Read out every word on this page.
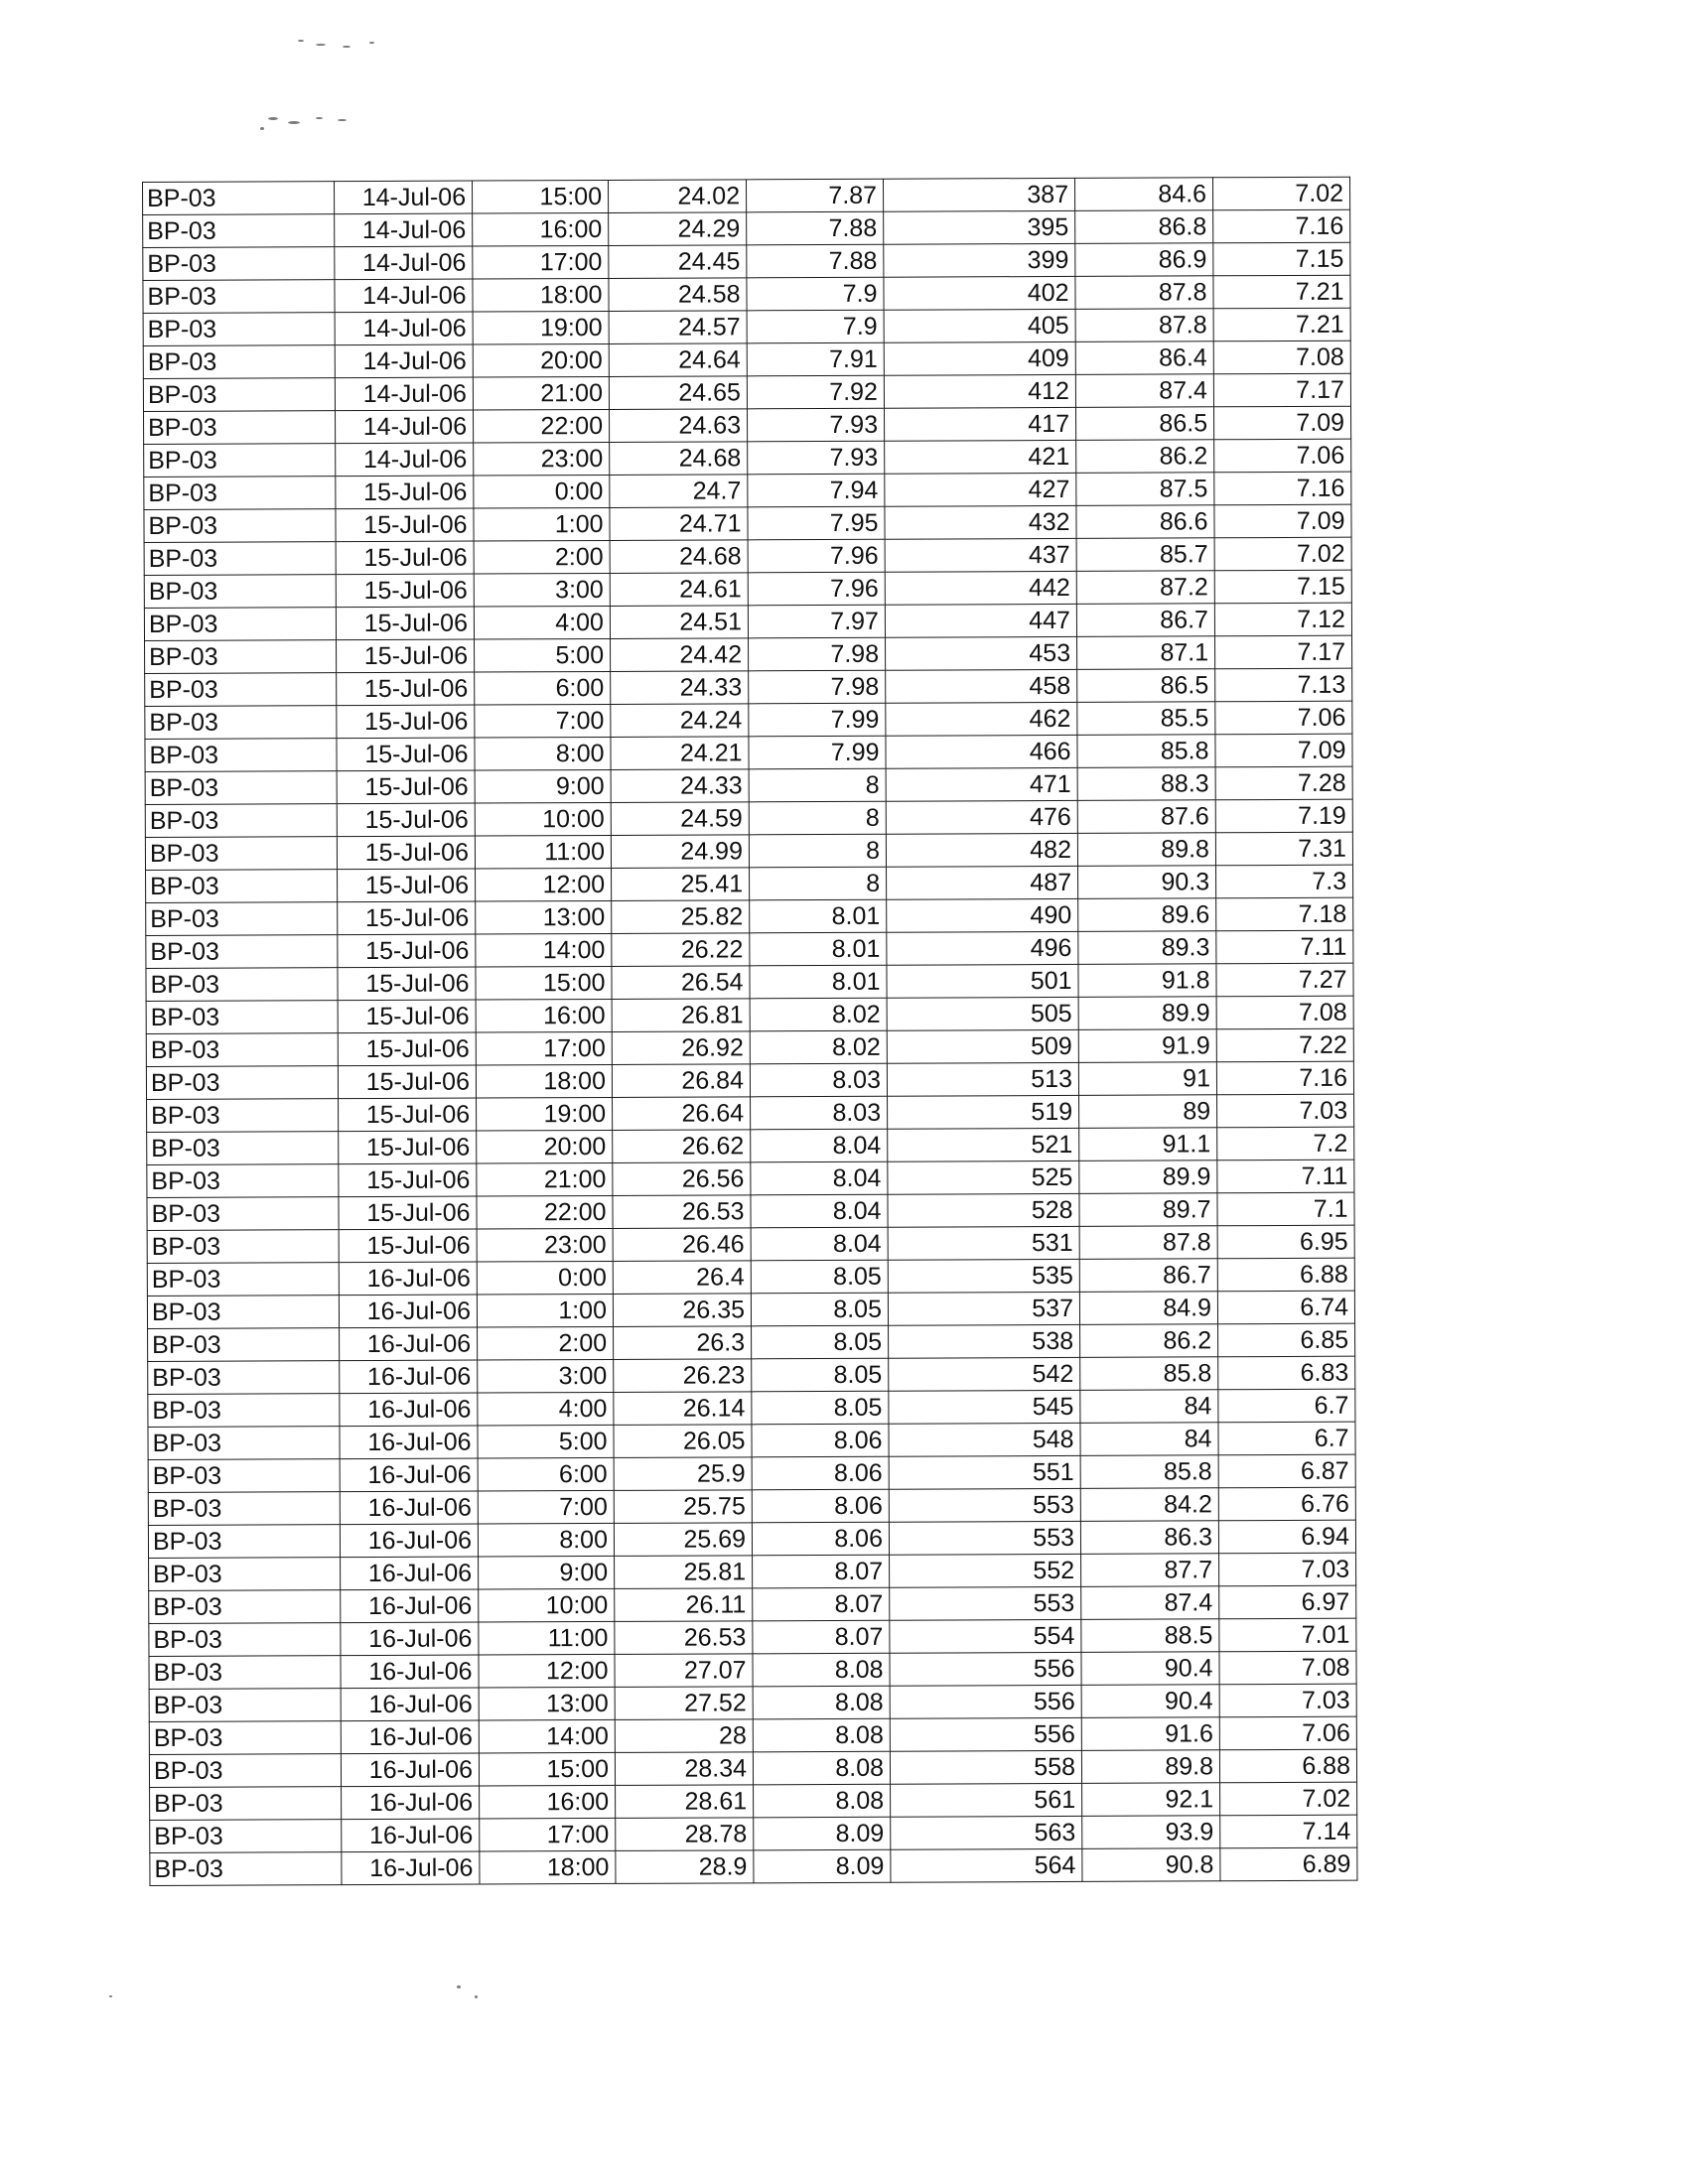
BP-03	14-Jul-06	15:00	24.02	7.87	387	84.6	7.02
BP-03	14-Jul-06	16:00	24.29	7.88	395	86.8	7.16
BP-03	14-Jul-06	17:00	24.45	7.88	399	86.9	7.15
BP-03	14-Jul-06	18:00	24.58	7.9	402	87.8	7.21
BP-03	14-Jul-06	19:00	24.57	7.9	405	87.8	7.21
BP-03	14-Jul-06	20:00	24.64	7.91	409	86.4	7.08
BP-03	14-Jul-06	21:00	24.65	7.92	412	87.4	7.17
BP-03	14-Jul-06	22:00	24.63	7.93	417	86.5	7.09
BP-03	14-Jul-06	23:00	24.68	7.93	421	86.2	7.06
BP-03	15-Jul-06	0:00	24.7	7.94	427	87.5	7.16
BP-03	15-Jul-06	1:00	24.71	7.95	432	86.6	7.09
BP-03	15-Jul-06	2:00	24.68	7.96	437	85.7	7.02
BP-03	15-Jul-06	3:00	24.61	7.96	442	87.2	7.15
BP-03	15-Jul-06	4:00	24.51	7.97	447	86.7	7.12
BP-03	15-Jul-06	5:00	24.42	7.98	453	87.1	7.17
BP-03	15-Jul-06	6:00	24.33	7.98	458	86.5	7.13
BP-03	15-Jul-06	7:00	24.24	7.99	462	85.5	7.06
BP-03	15-Jul-06	8:00	24.21	7.99	466	85.8	7.09
BP-03	15-Jul-06	9:00	24.33	8	471	88.3	7.28
BP-03	15-Jul-06	10:00	24.59	8	476	87.6	7.19
BP-03	15-Jul-06	11:00	24.99	8	482	89.8	7.31
BP-03	15-Jul-06	12:00	25.41	8	487	90.3	7.3
BP-03	15-Jul-06	13:00	25.82	8.01	490	89.6	7.18
BP-03	15-Jul-06	14:00	26.22	8.01	496	89.3	7.11
BP-03	15-Jul-06	15:00	26.54	8.01	501	91.8	7.27
BP-03	15-Jul-06	16:00	26.81	8.02	505	89.9	7.08
BP-03	15-Jul-06	17:00	26.92	8.02	509	91.9	7.22
BP-03	15-Jul-06	18:00	26.84	8.03	513	91	7.16
BP-03	15-Jul-06	19:00	26.64	8.03	519	89	7.03
BP-03	15-Jul-06	20:00	26.62	8.04	521	91.1	7.2
BP-03	15-Jul-06	21:00	26.56	8.04	525	89.9	7.11
BP-03	15-Jul-06	22:00	26.53	8.04	528	89.7	7.1
BP-03	15-Jul-06	23:00	26.46	8.04	531	87.8	6.95
BP-03	16-Jul-06	0:00	26.4	8.05	535	86.7	6.88
BP-03	16-Jul-06	1:00	26.35	8.05	537	84.9	6.74
BP-03	16-Jul-06	2:00	26.3	8.05	538	86.2	6.85
BP-03	16-Jul-06	3:00	26.23	8.05	542	85.8	6.83
BP-03	16-Jul-06	4:00	26.14	8.05	545	84	6.7
BP-03	16-Jul-06	5:00	26.05	8.06	548	84	6.7
BP-03	16-Jul-06	6:00	25.9	8.06	551	85.8	6.87
BP-03	16-Jul-06	7:00	25.75	8.06	553	84.2	6.76
BP-03	16-Jul-06	8:00	25.69	8.06	553	86.3	6.94
BP-03	16-Jul-06	9:00	25.81	8.07	552	87.7	7.03
BP-03	16-Jul-06	10:00	26.11	8.07	553	87.4	6.97
BP-03	16-Jul-06	11:00	26.53	8.07	554	88.5	7.01
BP-03	16-Jul-06	12:00	27.07	8.08	556	90.4	7.08
BP-03	16-Jul-06	13:00	27.52	8.08	556	90.4	7.03
BP-03	16-Jul-06	14:00	28	8.08	556	91.6	7.06
BP-03	16-Jul-06	15:00	28.34	8.08	558	89.8	6.88
BP-03	16-Jul-06	16:00	28.61	8.08	561	92.1	7.02
BP-03	16-Jul-06	17:00	28.78	8.09	563	93.9	7.14
BP-03	16-Jul-06	18:00	28.9	8.09	564	90.8	6.89
